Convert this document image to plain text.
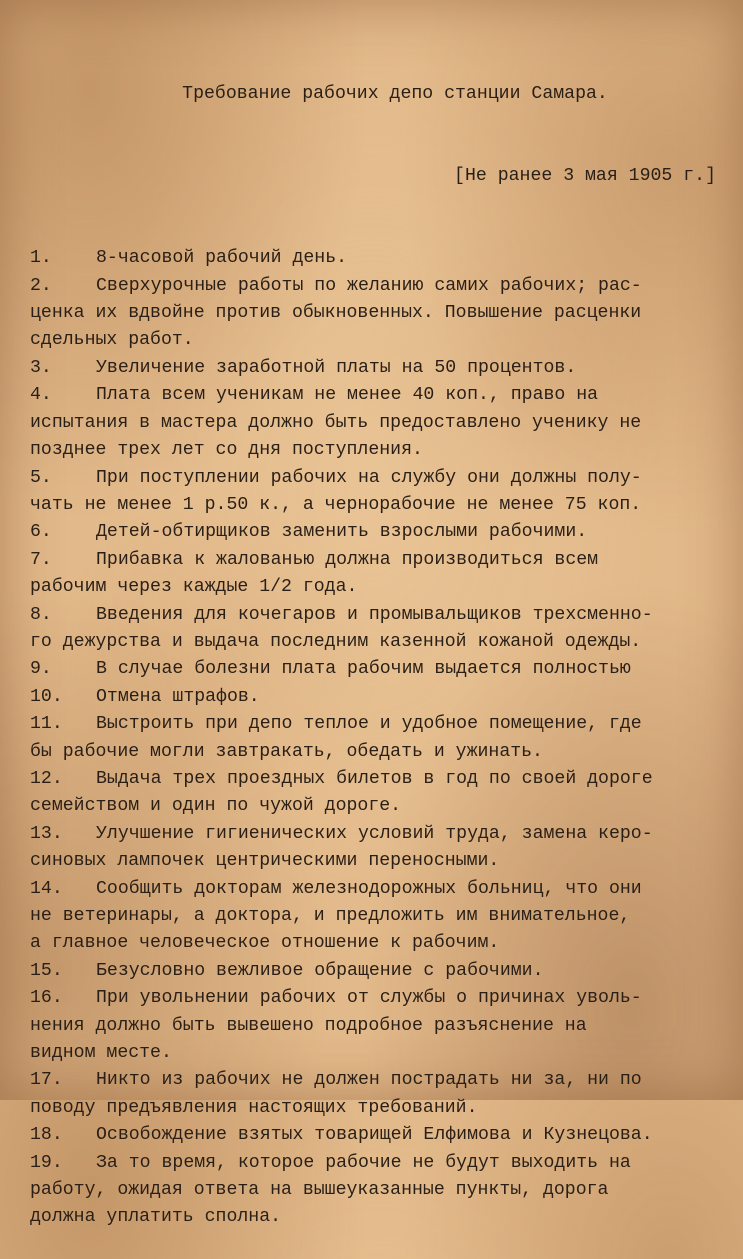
Требование рабочих депо станции Самара.

[Не ранее 3 мая 1905 г.]

1. 8-часовой рабочий день.
2. Сверхурочные работы по желанию самих рабочих; рас-
ценка их вдвойне против обыкновенных. Повышение расценки
сдельных работ.
3. Увеличение заработной платы на 50 процентов.
4. Плата всем ученикам не менее 40 коп., право на
испытания в мастера должно быть предоставлено ученику не
позднее трех лет со дня поступления.
5. При поступлении рабочих на службу они должны полу-
чать не менее 1 р.50 к., а чернорабочие не менее 75 коп.
6. Детей-обтирщиков заменить взрослыми рабочими.
7. Прибавка к жалованью должна производиться всем
рабочим через каждые 1/2 года.
8. Введения для кочегаров и промывальщиков трехсменно-
го дежурства и выдача последним казенной кожаной одежды.
9. В случае болезни плата рабочим выдается полностью
10. Отмена штрафов.
11. Выстроить при депо теплое и удобное помещение, где
бы рабочие могли завтракать, обедать и ужинать.
12. Выдача трех проездных билетов в год по своей дороге
семейством и один по чужой дороге.
13. Улучшение гигиенических условий труда, замена керо-
синовых лампочек центрическими переносными.
14. Сообщить докторам железнодорожных больниц, что они
не ветеринары, а доктора, и предложить им внимательное,
а главное человеческое отношение к рабочим.
15. Безусловно вежливое обращение с рабочими.
16. При увольнении рабочих от службы о причинах уволь-
нения должно быть вывешено подробное разъяснение на
видном месте.
17. Никто из рабочих не должен пострадать ни за, ни по
поводу предъявления настоящих требований.
18. Освобождение взятых товарищей Елфимова и Кузнецова.
19. За то время, которое рабочие не будут выходить на
работу, ожидая ответа на вышеуказанные пункты, дорога
должна уплатить сполна.
